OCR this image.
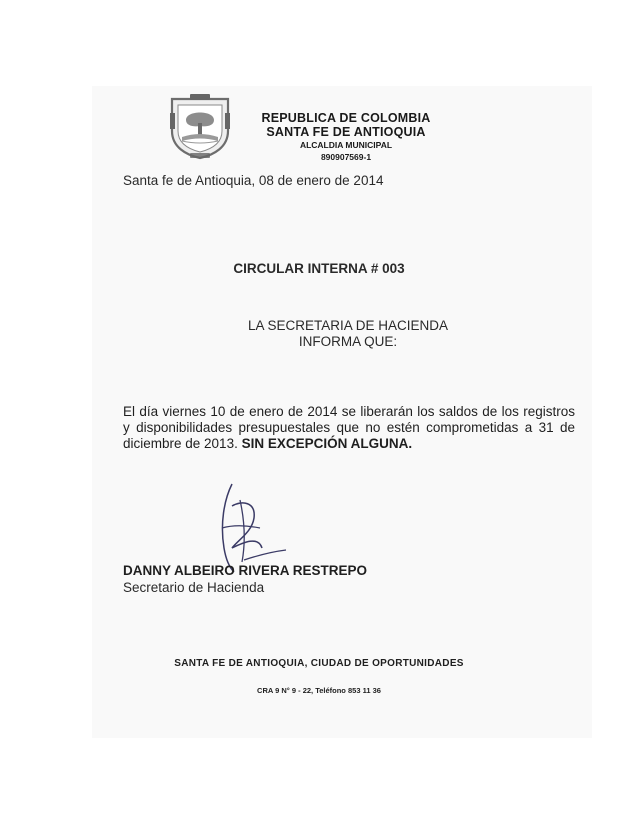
REPUBLICA DE COLOMBIA
SANTA FE DE ANTIOQUIA
ALCALDIA MUNICIPAL
890907569-1
Santa fe de Antioquia, 08 de enero de 2014
CIRCULAR INTERNA # 003
LA SECRETARIA DE HACIENDA
INFORMA QUE:
El día viernes 10 de enero de 2014 se liberarán los saldos de los registros y disponibilidades presupuestales que no estén comprometidas a 31 de diciembre de 2013. SIN EXCEPCIÓN ALGUNA.
DANNY ALBEIRO RIVERA RESTREPO
Secretario de Hacienda
SANTA FE DE ANTIOQUIA, CIUDAD DE OPORTUNIDADES
CRA 9 N° 9 - 22, Teléfono 853 11 36
